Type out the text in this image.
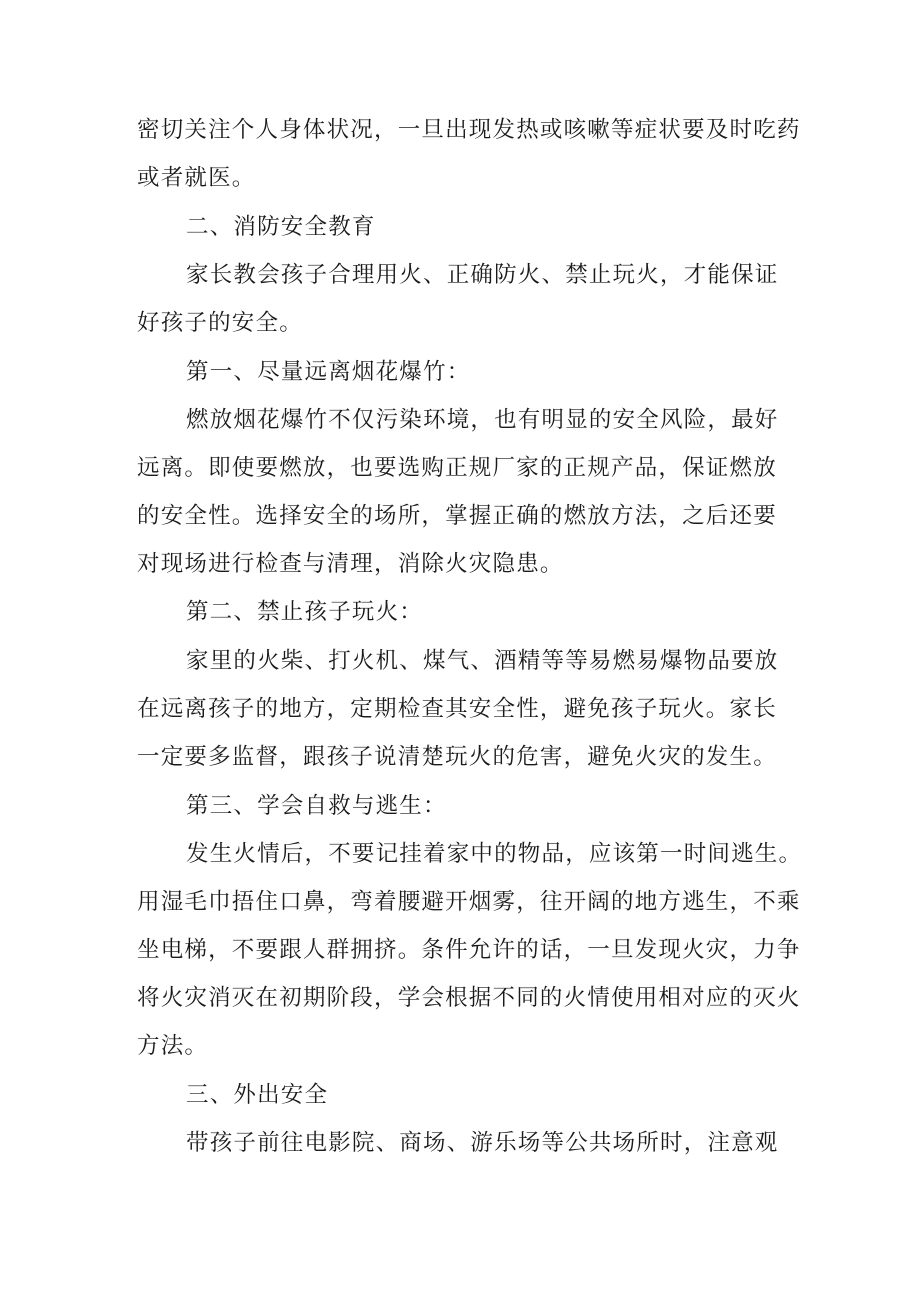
密切关注个人身体状况，一旦出现发热或咳嗽等症状要及时吃药
或者就医。
二、消防安全教育
家长教会孩子合理用火、正确防火、禁止玩火，才能保证
好孩子的安全。
第一、尽量远离烟花爆竹：
燃放烟花爆竹不仅污染环境，也有明显的安全风险，最好
远离。即使要燃放，也要选购正规厂家的正规产品，保证燃放
的安全性。选择安全的场所，掌握正确的燃放方法，之后还要
对现场进行检查与清理，消除火灾隐患。
第二、禁止孩子玩火：
家里的火柴、打火机、煤气、酒精等等易燃易爆物品要放
在远离孩子的地方，定期检查其安全性，避免孩子玩火。家长
一定要多监督，跟孩子说清楚玩火的危害，避免火灾的发生。
第三、学会自救与逃生：
发生火情后，不要记挂着家中的物品，应该第一时间逃生。
用湿毛巾捂住口鼻，弯着腰避开烟雾，往开阔的地方逃生，不乘
坐电梯，不要跟人群拥挤。条件允许的话，一旦发现火灾，力争
将火灾消灭在初期阶段，学会根据不同的火情使用相对应的灭火
方法。
三、外出安全
带孩子前往电影院、商场、游乐场等公共场所时，注意观
